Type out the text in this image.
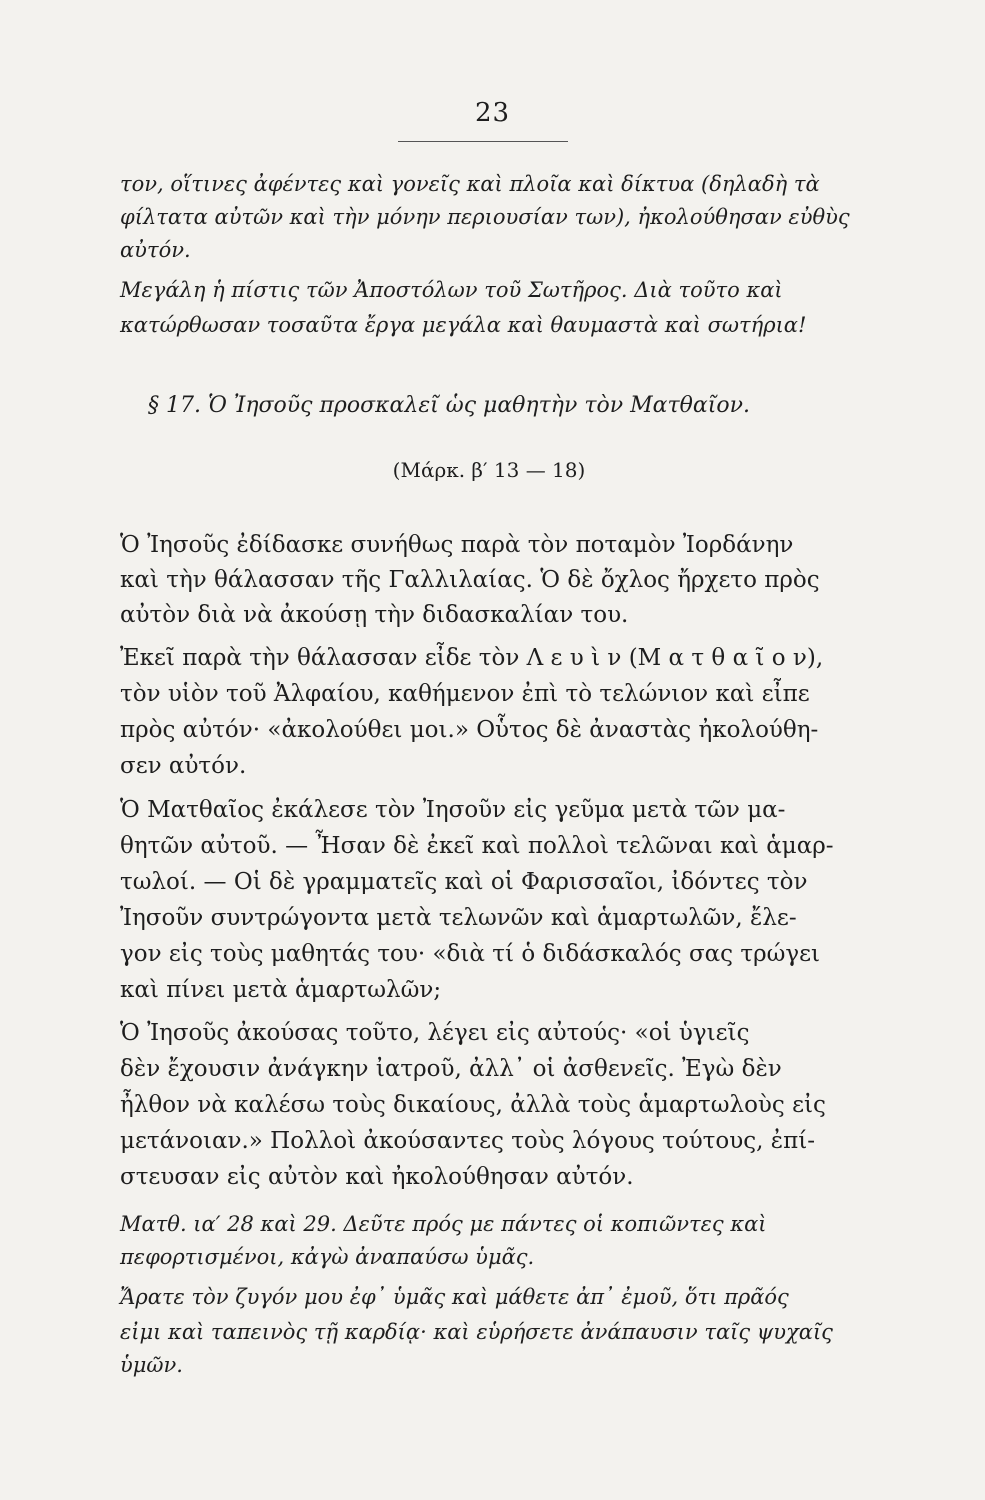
23
τον, οἵτινες ἀφέντες καὶ γονεῖς καὶ πλοῖα καὶ δίκτυα (δηλαδὴ τὰ
φίλτατα αὐτῶν καὶ τὴν μόνην περιουσίαν των), ἠκολούθησαν εὐθὺς
αὐτόν.
Μεγάλη ἡ πίστις τῶν Ἀποστόλων τοῦ Σωτῆρος. Διὰ τοῦτο καὶ
κατώρθωσαν τοσαῦτα ἔργα μεγάλα καὶ θαυμαστὰ καὶ σωτήρια!
§ 17. Ὁ Ἰησοῦς προσκαλεῖ ὡς μαθητὴν τὸν Ματθαῖον.
(Μάρκ. β′ 13 — 18)
Ὁ Ἰησοῦς ἐδίδασκε συνήθως παρὰ τὸν ποταμὸν Ἰορδάνην
καὶ τὴν θάλασσαν τῆς Γαλλιλαίας. Ὁ δὲ ὄχλος ἤρχετο πρὸς
αὐτὸν διὰ νὰ ἀκούσῃ τὴν διδασκαλίαν του.
Ἐκεῖ παρὰ τὴν θάλασσαν εἶδε τὸν Λ ε υ ὶ ν (Μ α τ θ α ῖ ο ν),
τὸν υἱὸν τοῦ Ἀλφαίου, καθήμενον ἐπὶ τὸ τελώνιον καὶ εἶπε
πρὸς αὐτόν· «ἀκολούθει μοι.» Οὗτος δὲ ἀναστὰς ἠκολούθη-
σεν αὐτόν.
Ὁ Ματθαῖος ἐκάλεσε τὸν Ἰησοῦν εἰς γεῦμα μετὰ τῶν μα-
θητῶν αὐτοῦ. — Ἦσαν δὲ ἐκεῖ καὶ πολλοὶ τελῶναι καὶ ἁμαρ-
τωλοί. — Οἱ δὲ γραμματεῖς καὶ οἱ Φαρισσαῖοι, ἰδόντες τὸν
Ἰησοῦν συντρώγοντα μετὰ τελωνῶν καὶ ἁμαρτωλῶν, ἔλε-
γον εἰς τοὺς μαθητάς του· «διὰ τί ὁ διδάσκαλός σας τρώγει
καὶ πίνει μετὰ ἁμαρτωλῶν;
Ὁ Ἰησοῦς ἀκούσας τοῦτο, λέγει εἰς αὐτούς· «οἱ ὑγιεῖς
δὲν ἔχουσιν ἀνάγκην ἰατροῦ, ἀλλ᾽ οἱ ἀσθενεῖς. Ἐγὼ δὲν
ἦλθον νὰ καλέσω τοὺς δικαίους, ἀλλὰ τοὺς ἁμαρτωλοὺς εἰς
μετάνοιαν.» Πολλοὶ ἀκούσαντες τοὺς λόγους τούτους, ἐπί-
στευσαν εἰς αὐτὸν καὶ ἠκολούθησαν αὐτόν.
Ματθ. ια′ 28 καὶ 29. Δεῦτε πρός με πάντες οἱ κοπιῶντες καὶ
πεφορτισμένοι, κἀγὼ ἀναπαύσω ὑμᾶς.
Ἄρατε τὸν ζυγόν μου ἐφ᾽ ὑμᾶς καὶ μάθετε ἀπ᾽ ἐμοῦ, ὅτι πρᾶός
εἰμι καὶ ταπεινὸς τῇ καρδίᾳ· καὶ εὑρήσετε ἀνάπαυσιν ταῖς ψυχαῖς
ὑμῶν.
